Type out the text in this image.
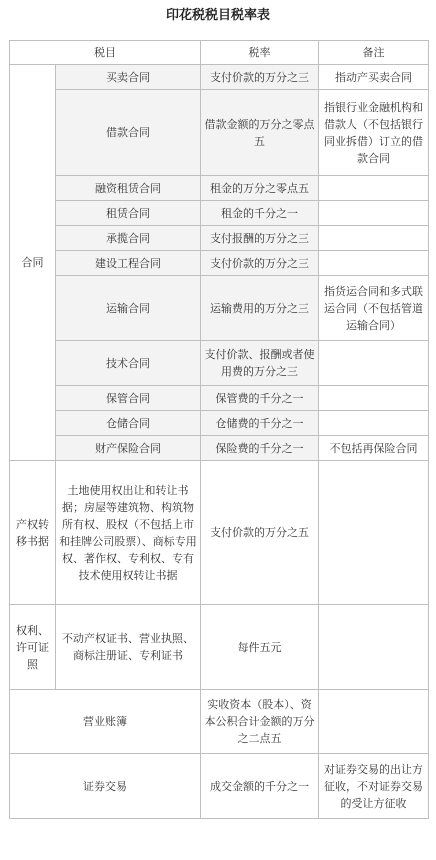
印花税税目税率表
税目		税率	备注
合同	买卖合同	支付价款的万分之三	指动产买卖合同
	借款合同	借款金额的万分之零点五	指银行业金融机构和借款人（不包括银行同业拆借）订立的借款合同
	融资租赁合同	租金的万分之零点五	
	租赁合同	租金的千分之一	
	承揽合同	支付报酬的万分之三	
	建设工程合同	支付价款的万分之三	
	运输合同	运输费用的万分之三	指货运合同和多式联运合同（不包括管道运输合同）
	技术合同	支付价款、报酬或者使用费的万分之三	
	保管合同	保管费的千分之一	
	仓储合同	仓储费的千分之一	
	财产保险合同	保险费的千分之一	不包括再保险合同
产权转移书据	土地使用权出让和转让书据；房屋等建筑物、构筑物所有权、股权（不包括上市和挂牌公司股票）、商标专用权、著作权、专利权、专有技术使用权转让书据	支付价款的万分之五	
权利、许可证照	不动产权证书、营业执照、商标注册证、专利证书	每件五元	
营业账簿		实收资本（股本）、资本公积合计金额的万分之二点五	
证券交易		成交金额的千分之一	对证券交易的出让方征收，不对证券交易的受让方征收
